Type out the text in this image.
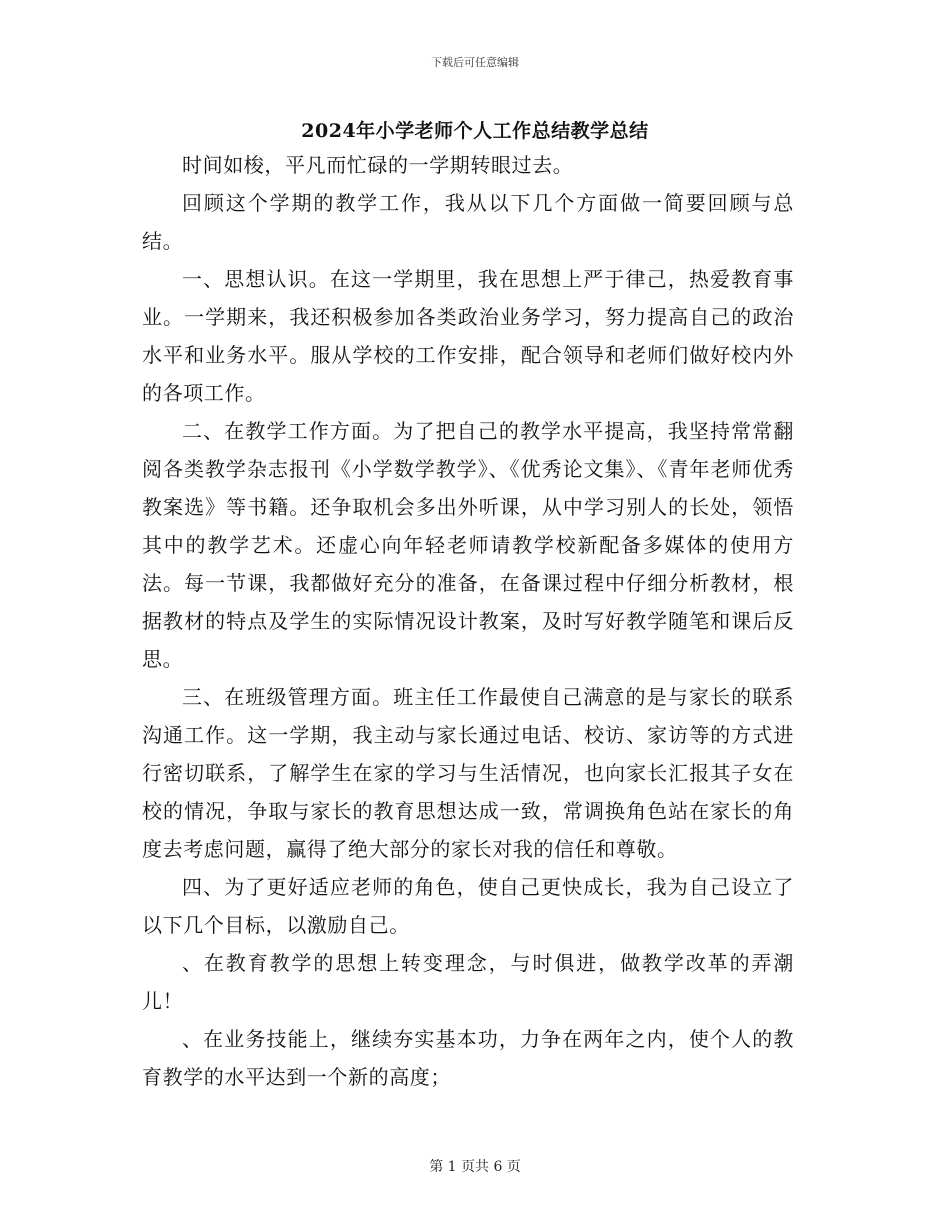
下载后可任意编辑
2024年小学老师个人工作总结教学总结

时间如梭，平凡而忙碌的一学期转眼过去。

回顾这个学期的教学工作，我从以下几个方面做一简要回顾与总结。

一、思想认识。在这一学期里，我在思想上严于律己，热爱教育事业。一学期来，我还积极参加各类政治业务学习，努力提高自己的政治水平和业务水平。服从学校的工作安排，配合领导和老师们做好校内外的各项工作。

二、在教学工作方面。为了把自己的教学水平提高，我坚持常常翻阅各类教学杂志报刊《小学数学教学》、《优秀论文集》、《青年老师优秀教案选》等书籍。还争取机会多出外听课，从中学习别人的长处，领悟其中的教学艺术。还虚心向年轻老师请教学校新配备多媒体的使用方法。每一节课，我都做好充分的准备，在备课过程中仔细分析教材，根据教材的特点及学生的实际情况设计教案，及时写好教学随笔和课后反思。

三、在班级管理方面。班主任工作最使自己满意的是与家长的联系沟通工作。这一学期，我主动与家长通过电话、校访、家访等的方式进行密切联系，了解学生在家的学习与生活情况，也向家长汇报其子女在校的情况，争取与家长的教育思想达成一致，常调换角色站在家长的角度去考虑问题，赢得了绝大部分的家长对我的信任和尊敬。

四、为了更好适应老师的角色，使自己更快成长，我为自己设立了以下几个目标，以激励自己。

、在教育教学的思想上转变理念，与时俱进，做教学改革的弄潮儿！

、在业务技能上，继续夯实基本功，力争在两年之内，使个人的教育教学的水平达到一个新的高度；

第 1 页共 6 页
